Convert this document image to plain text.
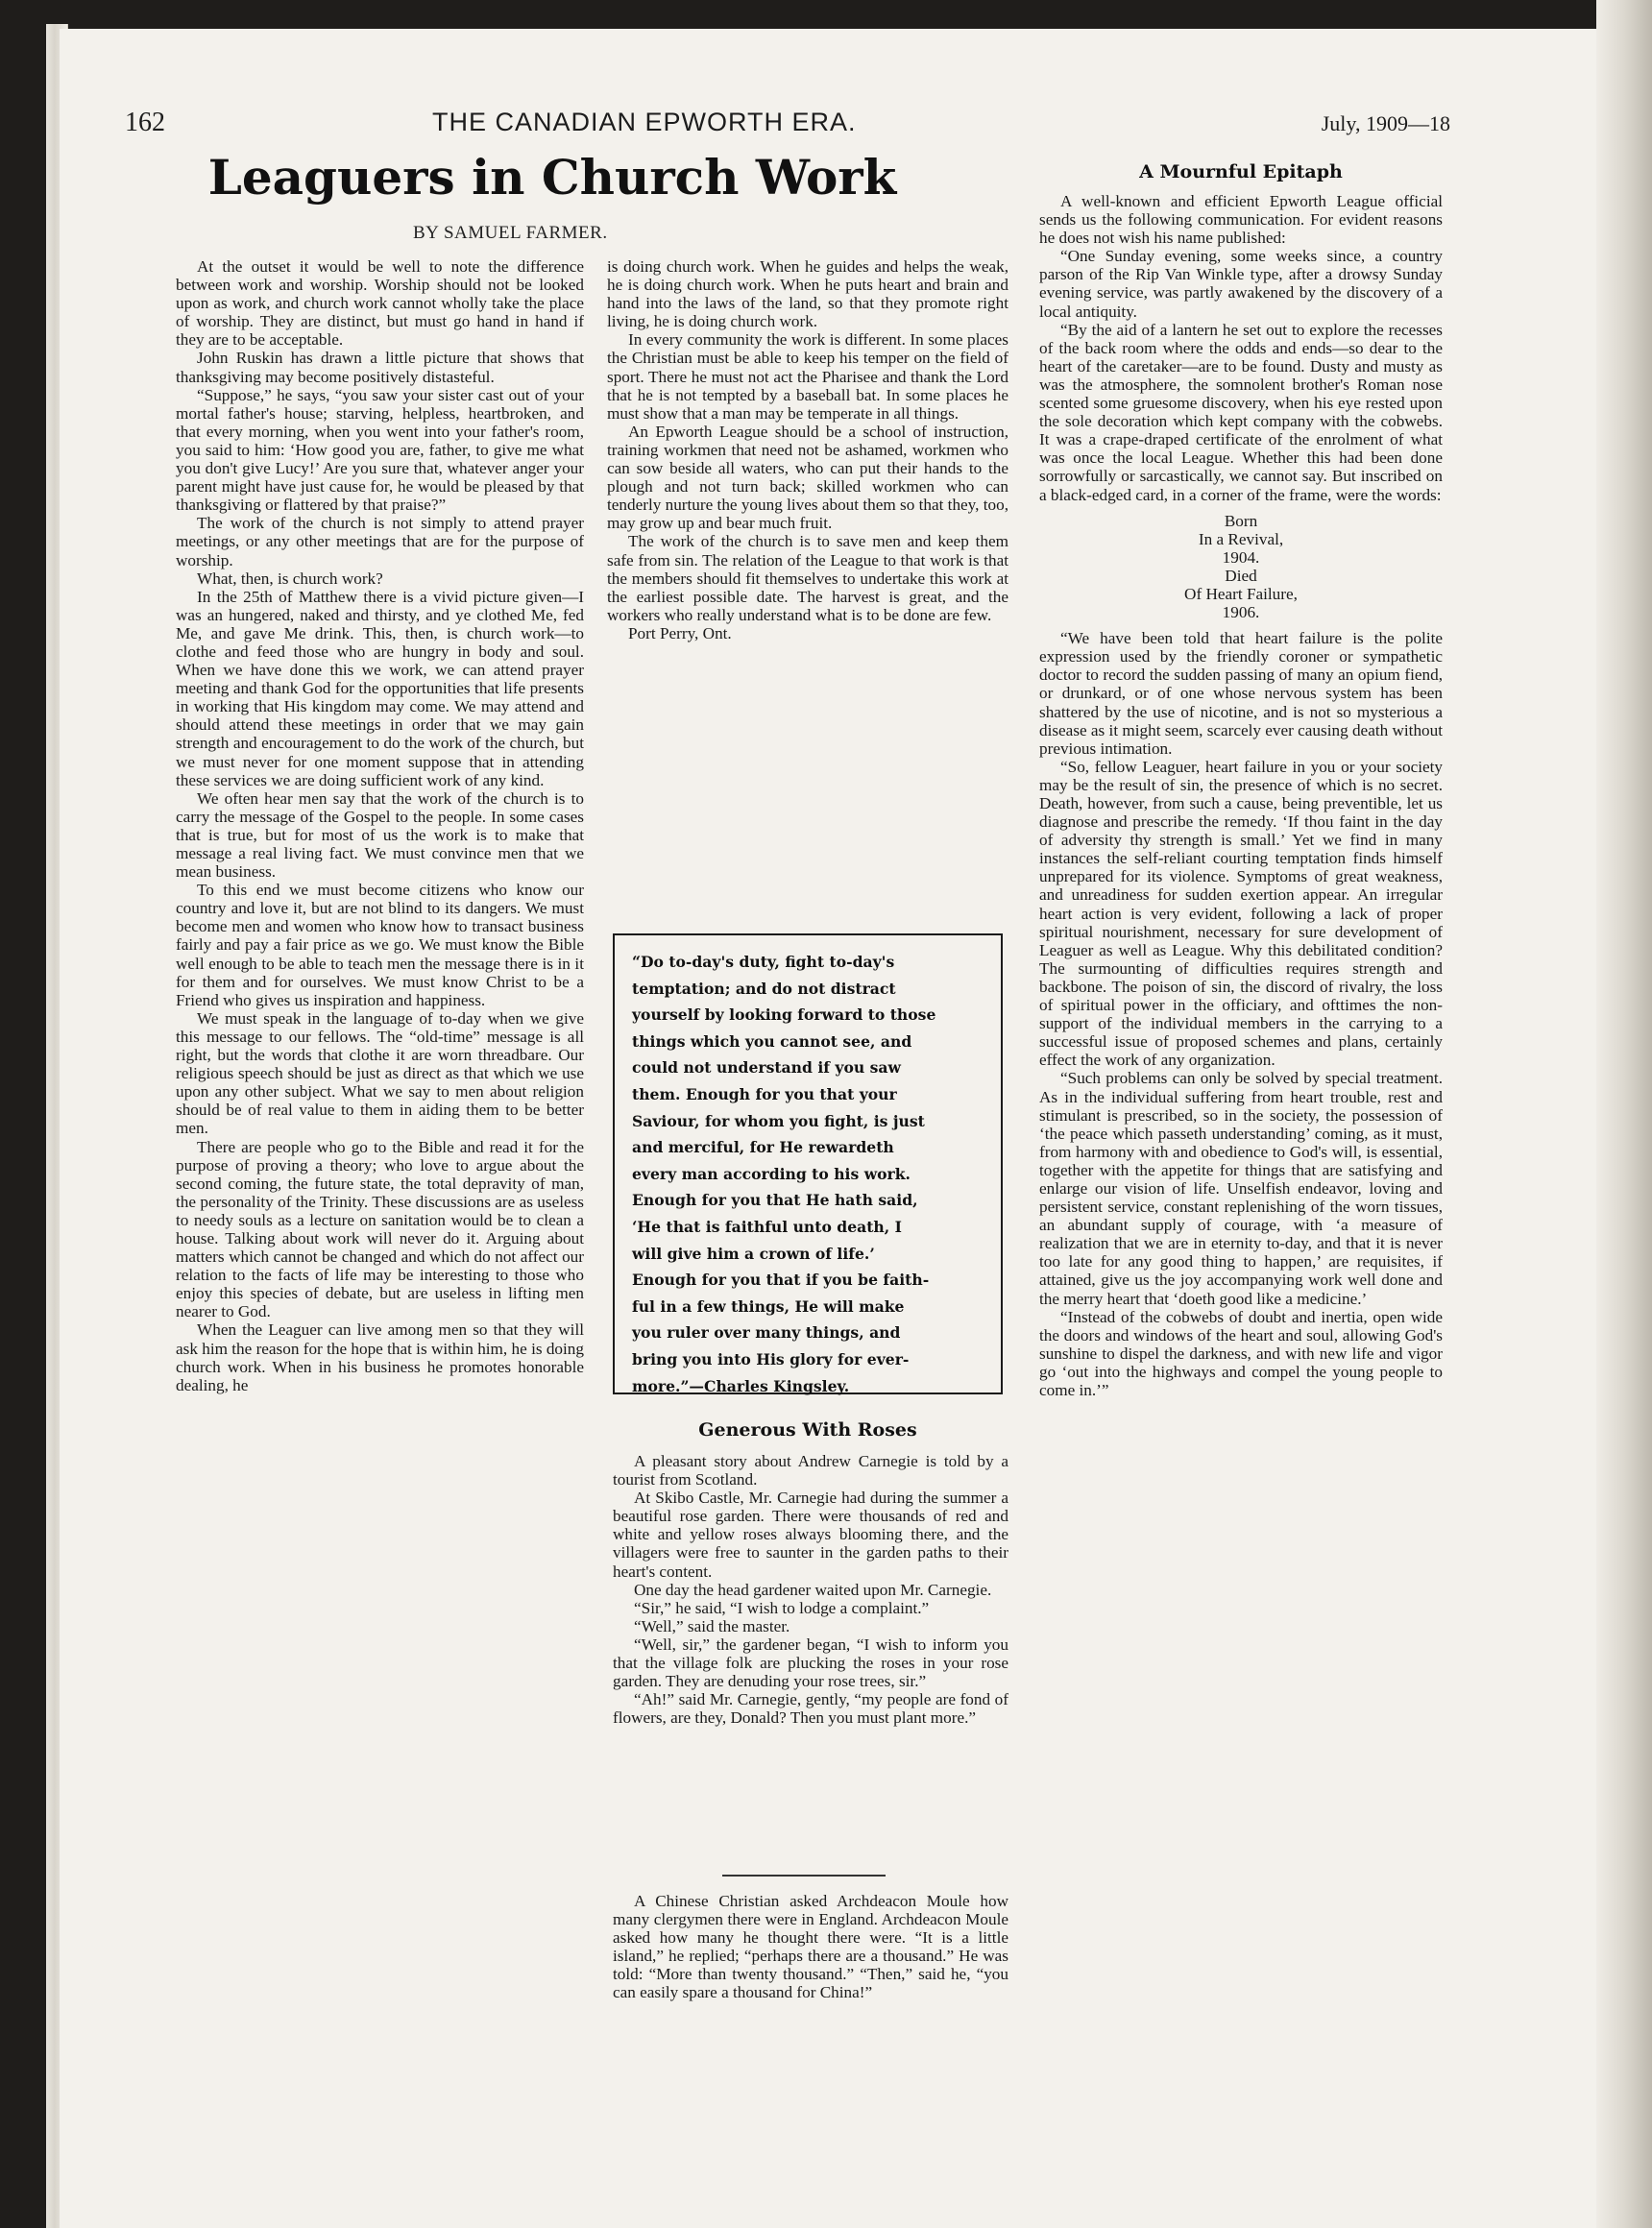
162	THE CANADIAN EPWORTH ERA.	July, 1909—18
Leaguers in Church Work
BY SAMUEL FARMER.

At the outset it would be well to note the difference between work and worship. Worship should not be looked upon as work, and church work cannot wholly take the place of worship. They are distinct, but must go hand in hand if they are to be acceptable.

John Ruskin has drawn a little picture that shows that thanksgiving may become positively distasteful.

“Suppose,” he says, “you saw your sister cast out of your mortal father's house; starving, helpless, heartbroken, and that every morning, when you went into your father's room, you said to him: ‘How good you are, father, to give me what you don't give Lucy!’ Are you sure that, whatever anger your parent might have just cause for, he would be pleased by that thanksgiving or flattered by that praise?”

The work of the church is not simply to attend prayer meetings, or any other meetings that are for the purpose of worship.

What, then, is church work?

In the 25th of Matthew there is a vivid picture given—I was an hungered, naked and thirsty, and ye clothed Me, fed Me, and gave Me drink. This, then, is church work—to clothe and feed those who are hungry in body and soul. When we have done this we work, we can attend prayer meeting and thank God for the opportunities that life presents in working that His kingdom may come. We may attend and should attend these meetings in order that we may gain strength and encouragement to do the work of the church, but we must never for one moment suppose that in attending these services we are doing sufficient work of any kind.

We often hear men say that the work of the church is to carry the message of the Gospel to the people. In some cases that is true, but for most of us the work is to make that message a real living fact. We must convince men that we mean business.

To this end we must become citizens who know our country and love it, but are not blind to its dangers. We must become men and women who know how to transact business fairly and pay a fair price as we go. We must know the Bible well enough to be able to teach men the message there is in it for them and for ourselves. We must know Christ to be a Friend who gives us inspiration and happiness.

We must speak in the language of to-day when we give this message to our fellows. The “old-time” message is all right, but the words that clothe it are worn threadbare. Our religious speech should be just as direct as that which we use upon any other subject. What we say to men about religion should be of real value to them in aiding them to be better men.

There are people who go to the Bible and read it for the purpose of proving a theory; who love to argue about the second coming, the future state, the total depravity of man, the personality of the Trinity. These discussions are as useless to needy souls as a lecture on sanitation would be to clean a house. Talking about work will never do it. Arguing about matters which cannot be changed and which do not affect our relation to the facts of life may be interesting to those who enjoy this species of debate, but are useless in lifting men nearer to God.

When the Leaguer can live among men so that they will ask him the reason for the hope that is within him, he is doing church work. When in his business he promotes honorable dealing, he

is doing church work. When he guides and helps the weak, he is doing church work. When he puts heart and brain and hand into the laws of the land, so that they promote right living, he is doing church work.

In every community the work is different. In some places the Christian must be able to keep his temper on the field of sport. There he must not act the Pharisee and thank the Lord that he is not tempted by a baseball bat. In some places he must show that a man may be temperate in all things.

An Epworth League should be a school of instruction, training workmen that need not be ashamed, workmen who can sow beside all waters, who can put their hands to the plough and not turn back; skilled workmen who can tenderly nurture the young lives about them so that they, too, may grow up and bear much fruit.

The work of the church is to save men and keep them safe from sin. The relation of the League to that work is that the members should fit themselves to undertake this work at the earliest possible date. The harvest is great, and the workers who really understand what is to be done are few.

Port Perry, Ont.

“Do to-day's duty, fight to-day's
temptation; and do not distract
yourself by looking forward to those
things which you cannot see, and
could not understand if you saw
them. Enough for you that your
Saviour, for whom you fight, is just
and merciful, for He rewardeth
every man according to his work.
Enough for you that He hath said,
‘He that is faithful unto death, I
will give him a crown of life.’
Enough for you that if you be faith-
ful in a few things, He will make
you ruler over many things, and
bring you into His glory for ever-
more.”—Charles Kingsley.
Generous With Roses

A pleasant story about Andrew Carnegie is told by a tourist from Scotland.

At Skibo Castle, Mr. Carnegie had during the summer a beautiful rose garden. There were thousands of red and white and yellow roses always blooming there, and the villagers were free to saunter in the garden paths to their heart's content.

One day the head gardener waited upon Mr. Carnegie.

“Sir,” he said, “I wish to lodge a complaint.”

“Well,” said the master.

“Well, sir,” the gardener began, “I wish to inform you that the village folk are plucking the roses in your rose garden. They are denuding your rose trees, sir.”

“Ah!” said Mr. Carnegie, gently, “my people are fond of flowers, are they, Donald? Then you must plant more.”

A Chinese Christian asked Archdeacon Moule how many clergymen there were in England. Archdeacon Moule asked how many he thought there were. “It is a little island,” he replied; “perhaps there are a thousand.” He was told: “More than twenty thousand.” “Then,” said he, “you can easily spare a thousand for China!”

A Mournful Epitaph

A well-known and efficient Epworth League official sends us the following communication. For evident reasons he does not wish his name published:

“One Sunday evening, some weeks since, a country parson of the Rip Van Winkle type, after a drowsy Sunday evening service, was partly awakened by the discovery of a local antiquity.

“By the aid of a lantern he set out to explore the recesses of the back room where the odds and ends—so dear to the heart of the caretaker—are to be found. Dusty and musty as was the atmosphere, the somnolent brother's Roman nose scented some gruesome discovery, when his eye rested upon the sole decoration which kept company with the cobwebs. It was a crape-draped certificate of the enrolment of what was once the local League. Whether this had been done sorrowfully or sarcastically, we cannot say. But inscribed on a black-edged card, in a corner of the frame, were the words:

Born
In a Revival,
1904.
Died
Of Heart Failure,
1906.

“We have been told that heart failure is the polite expression used by the friendly coroner or sympathetic doctor to record the sudden passing of many an opium fiend, or drunkard, or of one whose nervous system has been shattered by the use of nicotine, and is not so mysterious a disease as it might seem, scarcely ever causing death without previous intimation.

“So, fellow Leaguer, heart failure in you or your society may be the result of sin, the presence of which is no secret. Death, however, from such a cause, being preventible, let us diagnose and prescribe the remedy. ‘If thou faint in the day of adversity thy strength is small.’ Yet we find in many instances the self-reliant courting temptation finds himself unprepared for its violence. Symptoms of great weakness, and unreadiness for sudden exertion appear. An irregular heart action is very evident, following a lack of proper spiritual nourishment, necessary for sure development of Leaguer as well as League. Why this debilitated condition? The surmounting of difficulties requires strength and backbone. The poison of sin, the discord of rivalry, the loss of spiritual power in the officiary, and ofttimes the non-support of the individual members in the carrying to a successful issue of proposed schemes and plans, certainly effect the work of any organization.

“Such problems can only be solved by special treatment. As in the individual suffering from heart trouble, rest and stimulant is prescribed, so in the society, the possession of ‘the peace which passeth understanding’ coming, as it must, from harmony with and obedience to God's will, is essential, together with the appetite for things that are satisfying and enlarge our vision of life. Unselfish endeavor, loving and persistent service, constant replenishing of the worn tissues, an abundant supply of courage, with ‘a measure of realization that we are in eternity to-day, and that it is never too late for any good thing to happen,’ are requisites, if attained, give us the joy accompanying work well done and the merry heart that ‘doeth good like a medicine.’

“Instead of the cobwebs of doubt and inertia, open wide the doors and windows of the heart and soul, allowing God's sunshine to dispel the darkness, and with new life and vigor go ‘out into the highways and compel the young people to come in.’”
